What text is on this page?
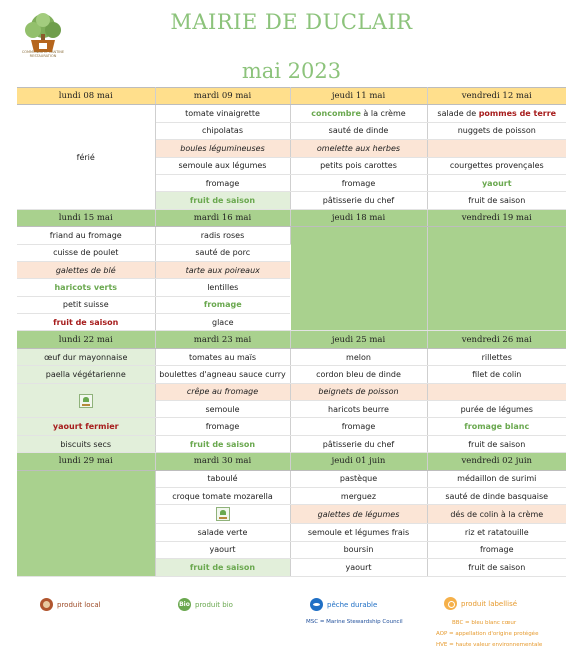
COMMUNAUTÉ CANTINE RESTAURATION
MAIRIE DE DUCLAIR
mai 2023
lundi 08 mai	mardi 09 mai	jeudi 11 mai	vendredi 12 mai
férié	tomate vinaigrette	concombre à la crème	salade de pommes de terre
	chipolatas	sauté de dinde	nuggets de poisson
	boules légumineuses	omelette aux herbes	
	semoule aux légumes	petits pois carottes	courgettes provençales
	fromage	fromage	yaourt
	fruit de saison	pâtisserie du chef	fruit de saison
lundi 15 mai	mardi 16 mai	jeudi 18 mai	vendredi 19 mai
friand au fromage	radis roses		
cuisse de poulet	sauté de porc		
galettes de blé	tarte aux poireaux		
haricots verts	lentilles		
petit suisse	fromage		
fruit de saison	glace		
lundi 22 mai	mardi 23 mai	jeudi 25 mai	vendredi 26 mai
œuf dur mayonnaise	tomates au maïs	melon	rillettes
paella végétarienne	boulettes d'agneau sauce curry	cordon bleu de dinde	filet de colin
	crêpe au fromage	beignets de poisson	
	semoule	haricots beurre	purée de légumes
yaourt fermier	fromage	fromage	fromage blanc
biscuits secs	fruit de saison	pâtisserie du chef	fruit de saison
lundi 29 mai	mardi 30 mai	jeudi 01 juin	vendredi 02 juin
	taboulé	pastèque	médaillon de surimi
	croque tomate mozarella	merguez	sauté de dinde basquaise
		galettes de légumes	dés de colin à la crème
	salade verte	semoule et légumes frais	riz et ratatouille
	yaourt	boursin	fromage
	fruit de saison	yaourt	fruit de saison
produit local	Bio produit bio	pêche durable
MSC = Marine Stewardship Council
produit labellisé
BBC = bleu blanc cœur
AOP = appellation d'origine protégée
HVE = haute valeur environnementale
